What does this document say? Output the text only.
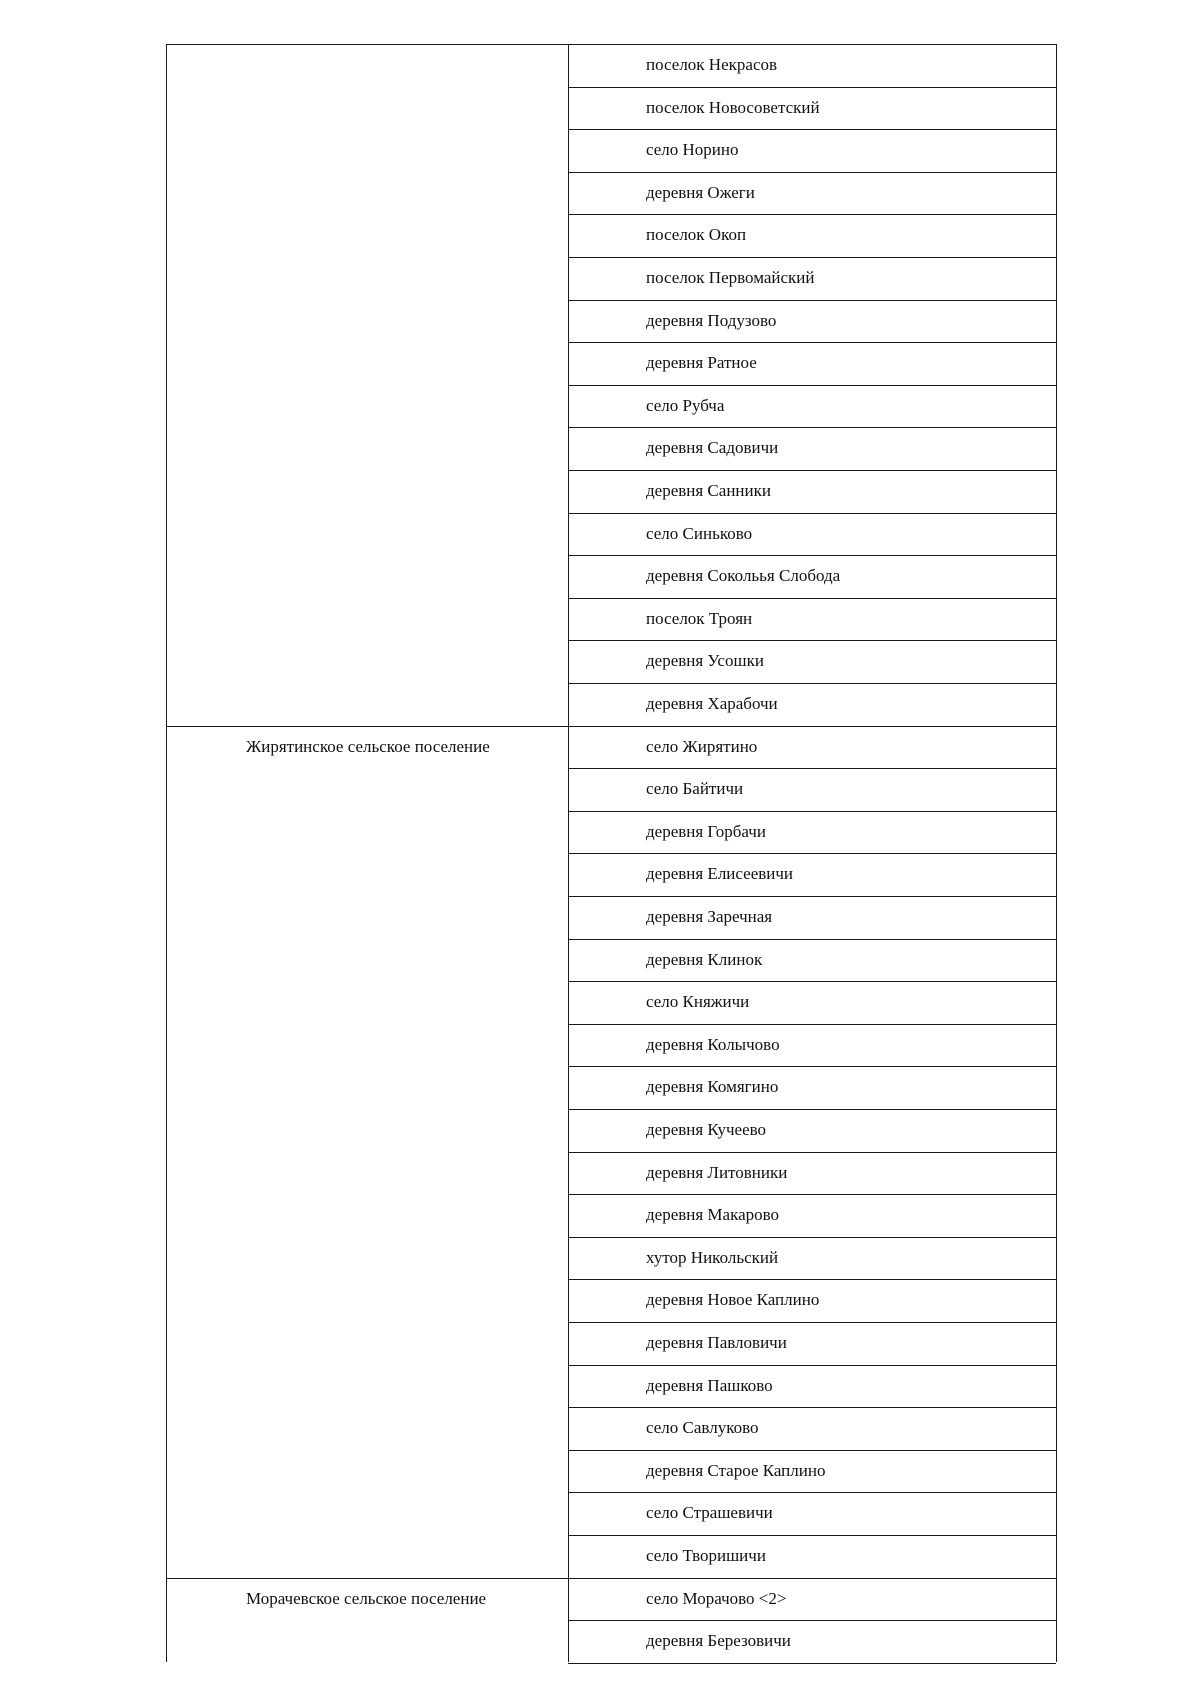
поселок Некрасов
поселок Новосоветский
село Норино
деревня Ожеги
поселок Окоп
поселок Первомайский
деревня Подузово
деревня Ратное
село Рубча
деревня Садовичи
деревня Санники
село Синьково
деревня Сокольья Слобода
поселок Троян
деревня Усошки
деревня Харабочи
Жирятинское сельское поселение	село Жирятино
село Байтичи
деревня Горбачи
деревня Елисеевичи
деревня Заречная
деревня Клинок
село Княжичи
деревня Колычово
деревня Комягино
деревня Кучеево
деревня Литовники
деревня Макарово
хутор Никольский
деревня Новое Каплино
деревня Павловичи
деревня Пашково
село Савлуково
деревня Старое Каплино
село Страшевичи
село Творишичи
Морачевское сельское поселение	село Морачово <2>
деревня Березовичи
